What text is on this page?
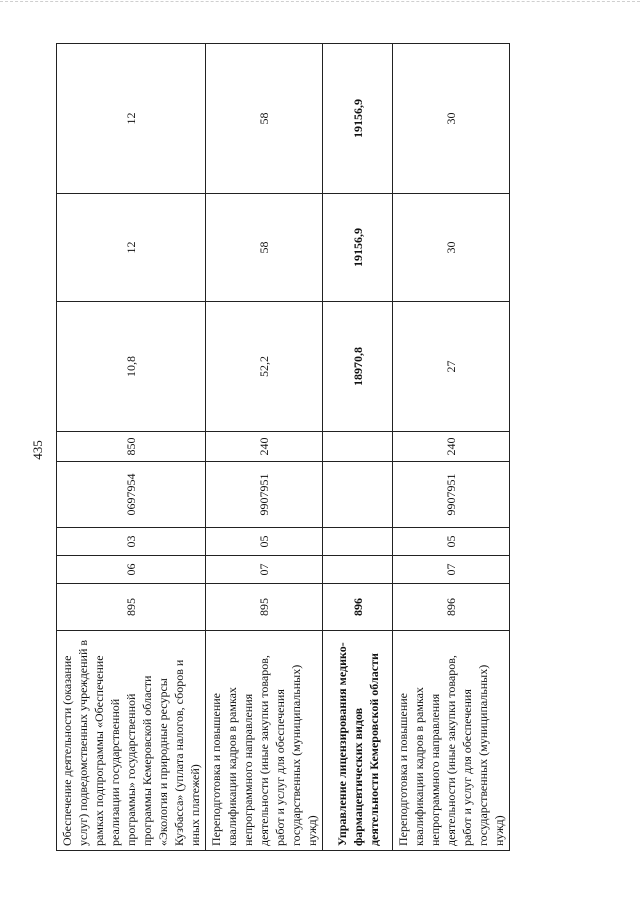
435
Обеспечение деятельности (оказание услуг) подведомственных учреждений в рамках подпрограммы «Обеспечение реализации государственной программы» государственной программы Кемеровской области «Экология и природные ресурсы Кузбасса» (уплата налогов, сборов и иных платежей)	895	06	03	0697954	850	10,8	12	12
Переподготовка и повышение квалификации кадров в рамках непрограммного направления деятельности (иные закупки товаров, работ и услуг для обеспечения государственных (муниципальных) нужд)	895	07	05	9907951	240	52,2	58	58
Управление лицензирования медико-фармацевтических видов деятельности Кемеровской области	896					18970,8	19156,9	19156,9
Переподготовка и повышение квалификации кадров в рамках непрограммного направления деятельности (иные закупки товаров, работ и услуг для обеспечения государственных (муниципальных) нужд)	896	07	05	9907951	240	27	30	30
